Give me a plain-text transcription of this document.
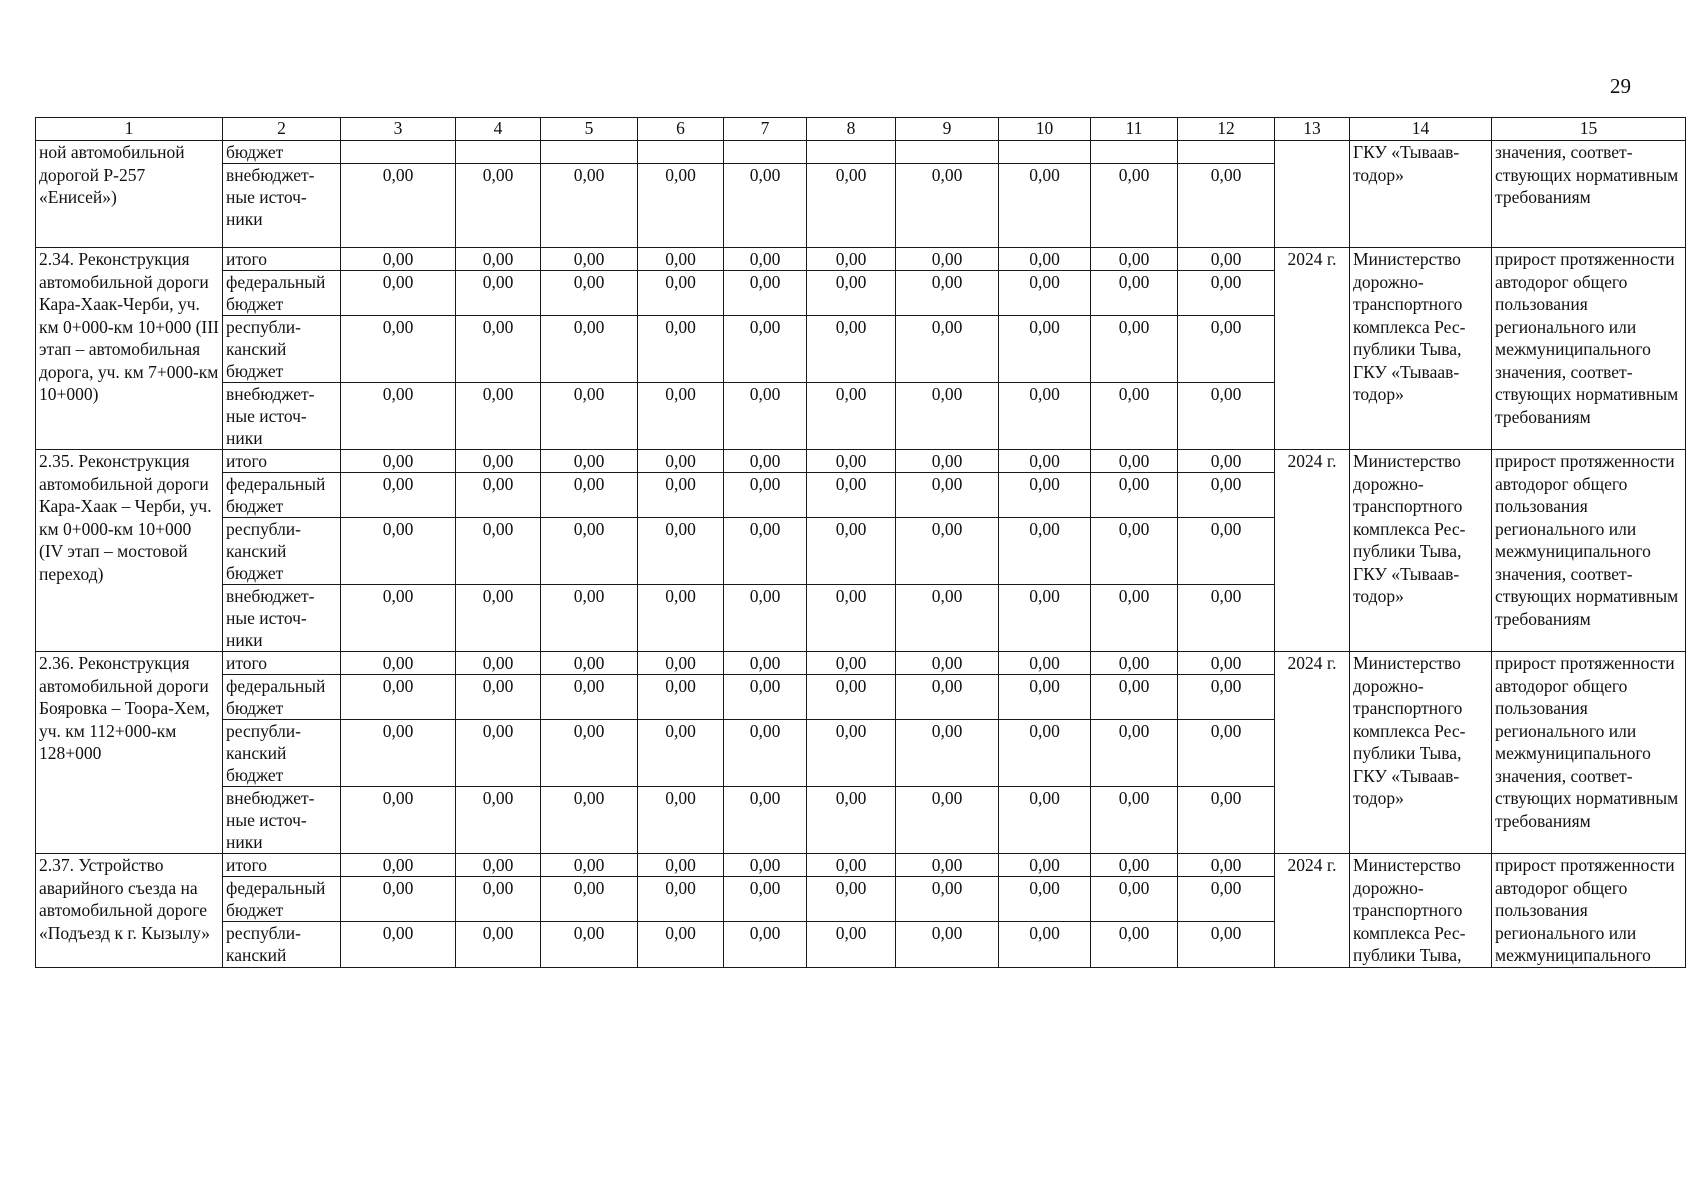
29
1	2	3	4	5	6	7	8	9	10	11	12	13	14	15
ной автомобильной дорогой Р-257 «Енисей»)	бюджет												ГКУ «Тываавтодор»	значения, соответствующих нормативным требованиям
	внебюджетные источники	0,00	0,00	0,00	0,00	0,00	0,00	0,00	0,00	0,00	0,00			
2.34. Реконструкция автомобильной дороги Кара-Хаак-Черби, уч. км 0+000-км 10+000 (III этап – автомобильная дорога, уч. км 7+000-км 10+000)	итого	0,00	0,00	0,00	0,00	0,00	0,00	0,00	0,00	0,00	0,00	2024 г.	Министерство дорожно-транспортного комплекса Республики Тыва, ГКУ «Тываавтодор»	прирост протяженности автодорог общего пользования регионального или межмуниципального значения, соответствующих нормативным требованиям
	федеральный бюджет	0,00	0,00	0,00	0,00	0,00	0,00	0,00	0,00	0,00	0,00			
	республиканский бюджет	0,00	0,00	0,00	0,00	0,00	0,00	0,00	0,00	0,00	0,00			
	внебюджетные источники	0,00	0,00	0,00	0,00	0,00	0,00	0,00	0,00	0,00	0,00			
2.35. Реконструкция автомобильной дороги Кара-Хаак – Черби, уч. км 0+000-км 10+000 (IV этап – мостовой переход)	итого	0,00	0,00	0,00	0,00	0,00	0,00	0,00	0,00	0,00	0,00	2024 г.	Министерство дорожно-транспортного комплекса Республики Тыва, ГКУ «Тываавтодор»	прирост протяженности автодорог общего пользования регионального или межмуниципального значения, соответствующих нормативным требованиям
	федеральный бюджет	0,00	0,00	0,00	0,00	0,00	0,00	0,00	0,00	0,00	0,00			
	республиканский бюджет	0,00	0,00	0,00	0,00	0,00	0,00	0,00	0,00	0,00	0,00			
	внебюджетные источники	0,00	0,00	0,00	0,00	0,00	0,00	0,00	0,00	0,00	0,00			
2.36. Реконструкция автомобильной дороги Бояровка – Тоора-Хем, уч. км 112+000-км 128+000	итого	0,00	0,00	0,00	0,00	0,00	0,00	0,00	0,00	0,00	0,00	2024 г.	Министерство дорожно-транспортного комплекса Республики Тыва, ГКУ «Тываавтодор»	прирост протяженности автодорог общего пользования регионального или межмуниципального значения, соответствующих нормативным требованиям
	федеральный бюджет	0,00	0,00	0,00	0,00	0,00	0,00	0,00	0,00	0,00	0,00			
	республиканский бюджет	0,00	0,00	0,00	0,00	0,00	0,00	0,00	0,00	0,00	0,00			
	внебюджетные источники	0,00	0,00	0,00	0,00	0,00	0,00	0,00	0,00	0,00	0,00			
2.37. Устройство аварийного съезда на автомобильной дороге «Подъезд к г. Кызылу»	итого	0,00	0,00	0,00	0,00	0,00	0,00	0,00	0,00	0,00	0,00	2024 г.	Министерство дорожно-транспортного комплекса Республики Тыва,	прирост протяженности автодорог общего пользования регионального или межмуниципального
	федеральный бюджет	0,00	0,00	0,00	0,00	0,00	0,00	0,00	0,00	0,00	0,00			
	республиканский	0,00	0,00	0,00	0,00	0,00	0,00	0,00	0,00	0,00	0,00			
